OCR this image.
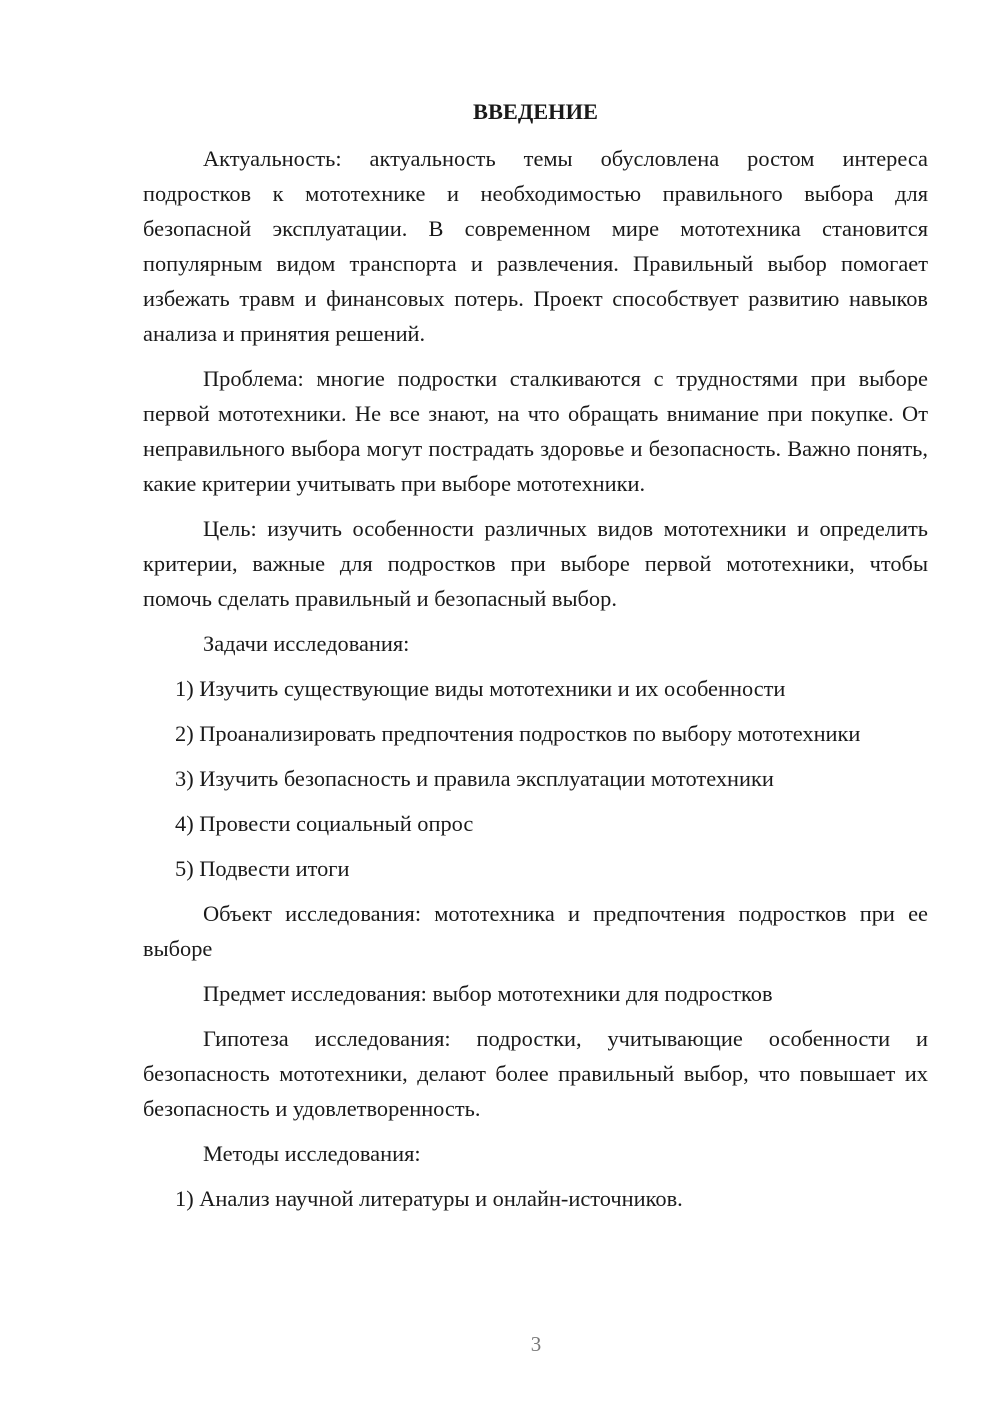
ВВЕДЕНИЕ

Актуальность: актуальность темы обусловлена ростом интереса подростков к мототехнике и необходимостью правильного выбора для безопасной эксплуатации. В современном мире мототехника становится популярным видом транспорта и развлечения. Правильный выбор помогает избежать травм и финансовых потерь. Проект способствует развитию навыков анализа и принятия решений.

Проблема: многие подростки сталкиваются с трудностями при выборе первой мототехники. Не все знают, на что обращать внимание при покупке. От неправильного выбора могут пострадать здоровье и безопасность. Важно понять, какие критерии учитывать при выборе мототехники.

Цель: изучить особенности различных видов мототехники и определить критерии, важные для подростков при выборе первой мототехники, чтобы помочь сделать правильный и безопасный выбор.

Задачи исследования:

1) Изучить существующие виды мототехники и их особенности

2) Проанализировать предпочтения подростков по выбору мототехники

3) Изучить безопасность и правила эксплуатации мототехники

4) Провести социальный опрос

5) Подвести итоги

Объект исследования: мототехника и предпочтения подростков при ее выборе

Предмет исследования: выбор мототехники для подростков

Гипотеза исследования: подростки, учитывающие особенности и безопасность мототехники, делают более правильный выбор, что повышает их безопасность и удовлетворенность.

Методы исследования:

1) Анализ научной литературы и онлайн-источников.

3
